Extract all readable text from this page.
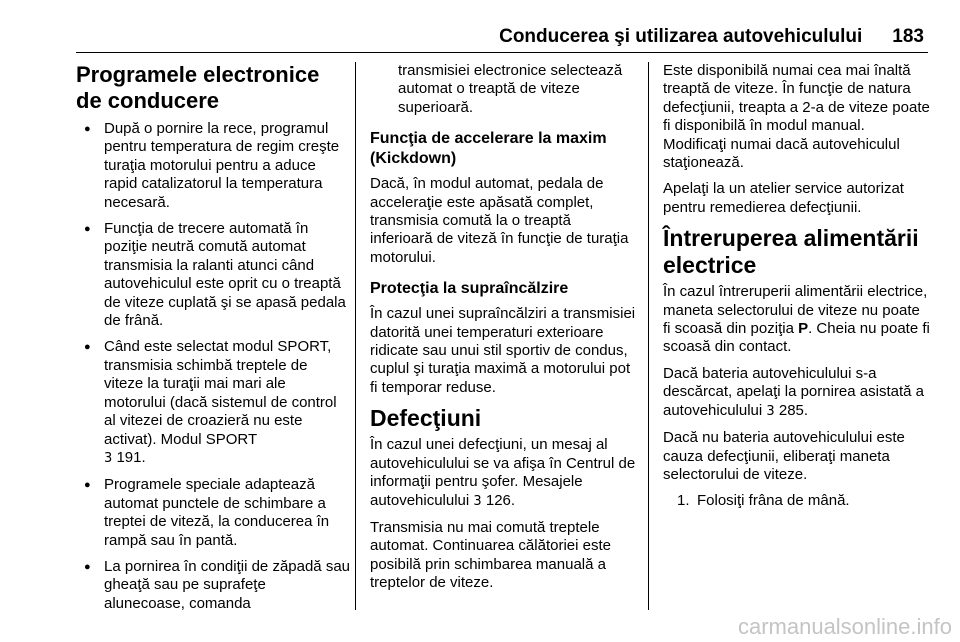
Conducerea şi utilizarea autovehiculului 183
Programele electronice de conducere
● După o pornire la rece, programul pentru temperatura de regim creşte turaţia motorului pentru a aduce rapid catalizatorul la temperatura necesară.
● Funcţia de trecere automată în poziţie neutră comută automat transmisia la ralanti atunci când autovehiculul este oprit cu o treaptă de viteze cuplată şi se apasă pedala de frână.
● Când este selectat modul SPORT, transmisia schimbă treptele de viteze la turaţii mai mari ale motorului (dacă sistemul de control al vitezei de croazieră nu este activat). Modul SPORT
3 191.
● Programele speciale adaptează automat punctele de schimbare a treptei de viteză, la conducerea în rampă sau în pantă.
● La pornirea în condiţii de zăpadă sau gheaţă sau pe suprafeţe alunecoase, comanda

transmisiei electronice selectează automat o treaptă de viteze superioară.

Funcţia de accelerare la maxim (Kickdown)

Dacă, în modul automat, pedala de acceleraţie este apăsată complet, transmisia comută la o treaptă inferioară de viteză în funcţie de turaţia motorului.

Protecţia la supraîncălzire

În cazul unei supraîncălziri a transmisiei datorită unei temperaturi exterioare ridicate sau unui stil sportiv de condus, cuplul şi turaţia maximă a motorului pot fi temporar reduse.

Defecţiuni

În cazul unei defecţiuni, un mesaj al autovehiculului se va afişa în Centrul de informaţii pentru şofer. Mesajele autovehiculului 3 126.

Transmisia nu mai comută treptele automat. Continuarea călătoriei este posibilă prin schimbarea manuală a treptelor de viteze.

Este disponibilă numai cea mai înaltă treaptă de viteze. În funcţie de natura defecţiunii, treapta a 2-a de viteze poate fi disponibilă în modul manual. Modificaţi numai dacă autovehiculul staţionează.

Apelaţi la un atelier service autorizat pentru remedierea defecţiunii.

Întreruperea alimentării electrice

În cazul întreruperii alimentării electrice, maneta selectorului de viteze nu poate fi scoasă din poziţia P. Cheia nu poate fi scoasă din contact.

Dacă bateria autovehiculului s-a descărcat, apelaţi la pornirea asistată a autovehiculului 3 285.

Dacă nu bateria autovehiculului este cauza defecţiunii, eliberaţi maneta selectorului de viteze.

1. Folosiţi frâna de mână.

carmanualsonline.info
